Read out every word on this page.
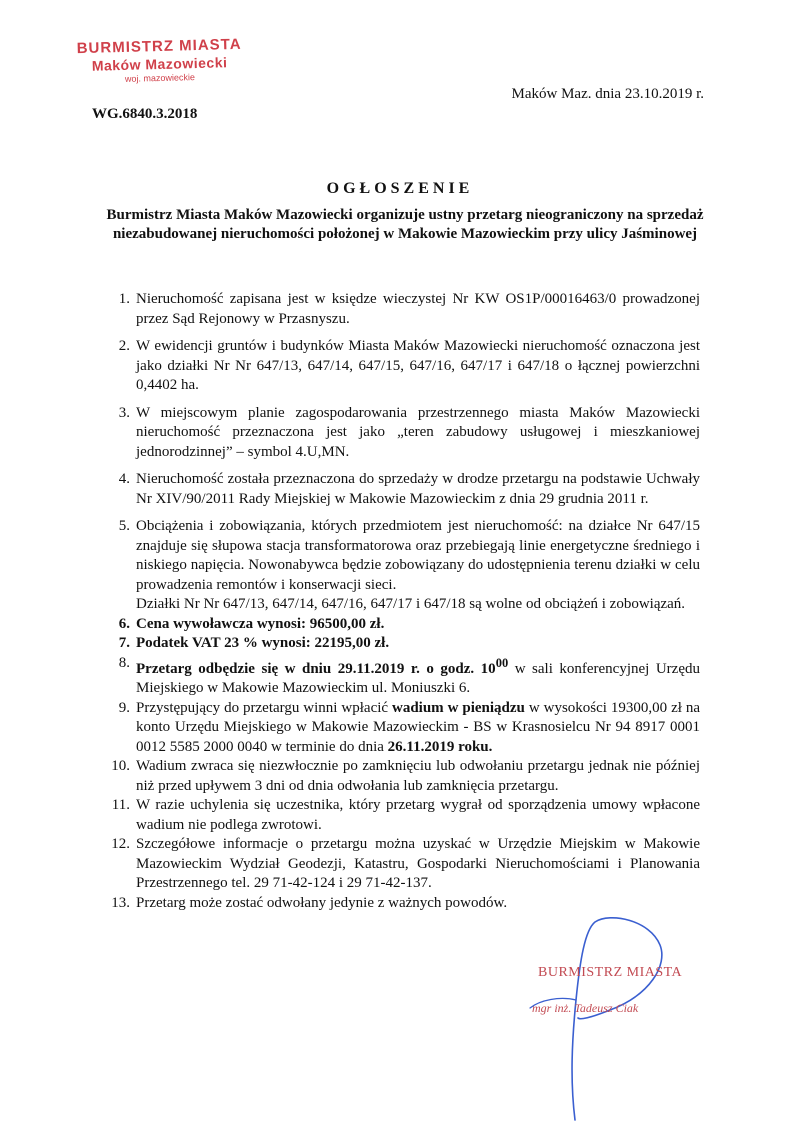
BURMISTRZ MIASTA
Maków Mazowiecki
woj. mazowieckie
Maków Maz. dnia 23.10.2019 r.
WG.6840.3.2018
OGŁOSZENIE
Burmistrz Miasta Maków Mazowiecki organizuje ustny przetarg nieograniczony na sprzedaż niezabudowanej nieruchomości położonej w Makowie Mazowieckim przy ulicy Jaśminowej
1. Nieruchomość zapisana jest w księdze wieczystej Nr KW OS1P/00016463/0 prowadzonej przez Sąd Rejonowy w Przasnyszu.
2. W ewidencji gruntów i budynków Miasta Maków Mazowiecki nieruchomość oznaczona jest jako działki Nr Nr 647/13, 647/14, 647/15, 647/16, 647/17 i 647/18 o łącznej powierzchni 0,4402 ha.
3. W miejscowym planie zagospodarowania przestrzennego miasta Maków Mazowiecki nieruchomość przeznaczona jest jako „teren zabudowy usługowej i mieszkaniowej jednorodzinnej” – symbol 4.U,MN.
4. Nieruchomość została przeznaczona do sprzedaży w drodze przetargu na podstawie Uchwały Nr XIV/90/2011 Rady Miejskiej w Makowie Mazowieckim z dnia 29 grudnia 2011 r.
5. Obciążenia i zobowiązania, których przedmiotem jest nieruchomość: na działce Nr 647/15 znajduje się słupowa stacja transformatorowa oraz przebiegają linie energetyczne średniego i niskiego napięcia. Nowonabywca będzie zobowiązany do udostępnienia terenu działki w celu prowadzenia remontów i konserwacji sieci.
Działki Nr Nr 647/13, 647/14, 647/16, 647/17 i 647/18 są wolne od obciążeń i zobowiązań.
6. Cena wywoławcza wynosi: 96500,00 zł.
7. Podatek VAT 23 % wynosi: 22195,00 zł.
8. Przetarg odbędzie się w dniu 29.11.2019 r. o godz. $10^{00}$ w sali konferencyjnej Urzędu Miejskiego w Makowie Mazowieckim ul. Moniuszki 6.
9. Przystępujący do przetargu winni wpłacić wadium w pieniądzu w wysokości 19300,00 zł na konto Urzędu Miejskiego w Makowie Mazowieckim - BS w Krasnosielcu Nr 94 8917 0001 0012 5585 2000 0040 w terminie do dnia 26.11.2019 roku.
10. Wadium zwraca się niezwłocznie po zamknięciu lub odwołaniu przetargu jednak nie później niż przed upływem 3 dni od dnia odwołania lub zamknięcia przetargu.
11. W razie uchylenia się uczestnika, który przetarg wygrał od sporządzenia umowy wpłacone wadium nie podlega zwrotowi.
12. Szczegółowe informacje o przetargu można uzyskać w Urzędzie Miejskim w Makowie Mazowieckim Wydział Geodezji, Katastru, Gospodarki Nieruchomościami i Planowania Przestrzennego tel. 29 71-42-124 i 29 71-42-137.
13. Przetarg może zostać odwołany jedynie z ważnych powodów.
BURMISTRZ MIASTA
mgr inż. Tadeusz Ciak
